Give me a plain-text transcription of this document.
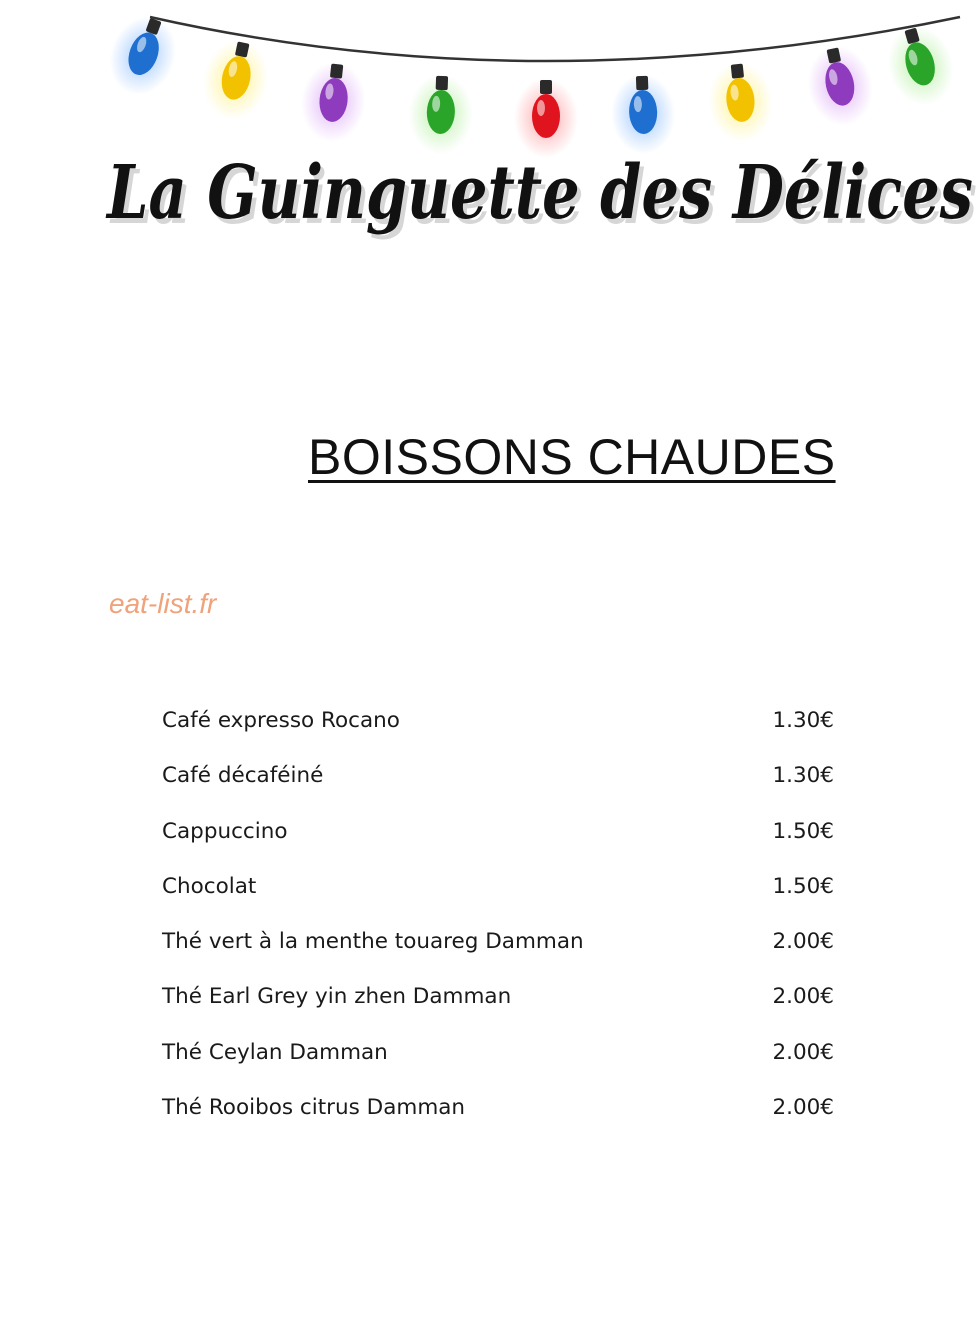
La Guinguette des Délices
La Guinguette des Délices
BOISSONS CHAUDES
eat-list.fr
Café expresso Rocano	1.30€
Café décaféiné	1.30€
Cappuccino	1.50€
Chocolat	1.50€
Thé vert à la menthe touareg Damman	2.00€
Thé Earl Grey yin zhen Damman	2.00€
Thé Ceylan Damman	2.00€
Thé Rooibos citrus Damman	2.00€
